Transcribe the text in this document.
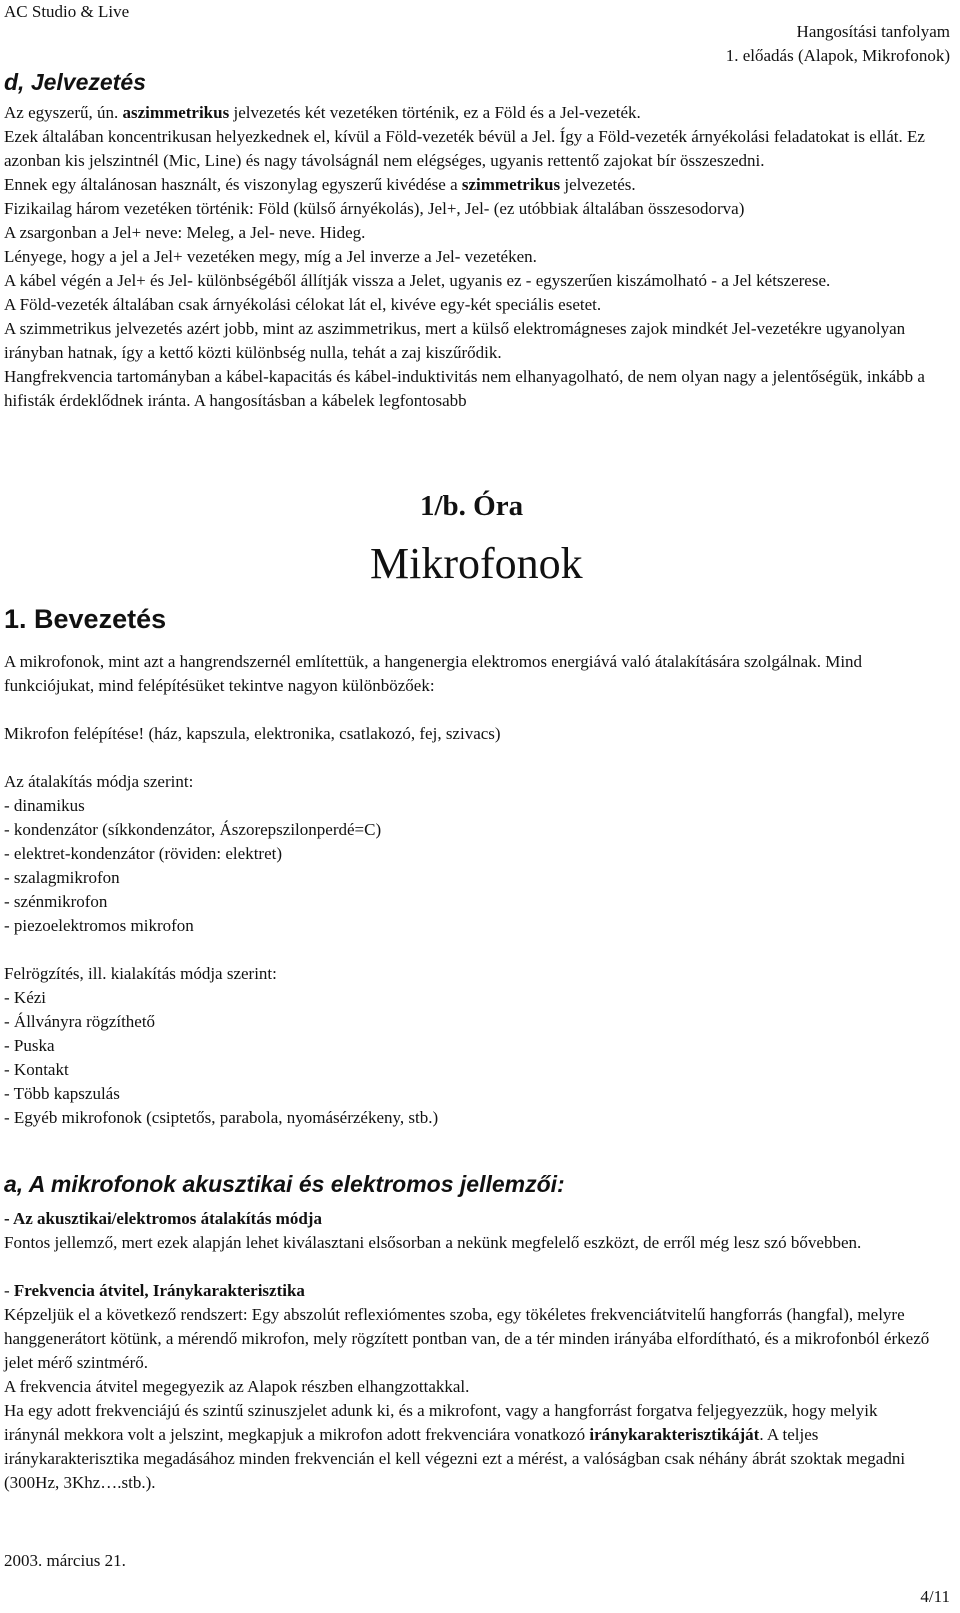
AC Studio & Live
Hangosítási tanfolyam
1. előadás (Alapok, Mikrofonok)
d, Jelvezetés

Az egyszerű, ún. aszimmetrikus jelvezetés két vezetéken történik, ez a Föld és a Jel-vezeték.

Ezek általában koncentrikusan helyezkednek el, kívül a Föld-vezeték bévül a Jel. Így a Föld-vezeték árnyékolási feladatokat is ellát. Ez azonban kis jelszintnél (Mic, Line) és nagy távolságnál nem elégséges, ugyanis rettentő zajokat bír összeszedni.

Ennek egy általánosan használt, és viszonylag egyszerű kivédése a szimmetrikus jelvezetés.

Fizikailag három vezetéken történik: Föld (külső árnyékolás), Jel+, Jel- (ez utóbbiak általában összesodorva)

A zsargonban a Jel+ neve: Meleg, a Jel- neve. Hideg.

Lényege, hogy a jel a Jel+ vezetéken megy, míg a Jel inverze a Jel- vezetéken.

A kábel végén a Jel+ és Jel- különbségéből állítják vissza a Jelet, ugyanis ez - egyszerűen kiszámolható - a Jel kétszerese.

A Föld-vezeték általában csak árnyékolási célokat lát el, kivéve egy-két speciális esetet.

A szimmetrikus jelvezetés azért jobb, mint az aszimmetrikus, mert a külső elektromágneses zajok mindkét Jel-vezetékre ugyanolyan irányban hatnak, így a kettő közti különbség nulla, tehát a zaj kiszűrődik.

Hangfrekvencia tartományban a kábel-kapacitás és kábel-induktivitás nem elhanyagolható, de nem olyan nagy a jelentőségük, inkább a hifisták érdeklődnek iránta. A hangosításban a kábelek legfontosabb

1/b. Óra
Mikrofonok
1. Bevezetés

A mikrofonok, mint azt a hangrendszernél említettük, a hangenergia elektromos energiává való átalakítására szolgálnak. Mind funkciójukat, mind felépítésüket tekintve nagyon különbözőek:

Mikrofon felépítése! (ház, kapszula, elektronika, csatlakozó, fej, szivacs)

Az átalakítás módja szerint:

- dinamikus

- kondenzátor (síkkondenzátor, Ászorepszilonperdé=C)

- elektret-kondenzátor (röviden: elektret)

- szalagmikrofon

- szénmikrofon

- piezoelektromos mikrofon

Felrögzítés, ill. kialakítás módja szerint:

- Kézi

- Állványra rögzíthető

- Puska

- Kontakt

- Több kapszulás

- Egyéb mikrofonok (csiptetős, parabola, nyomásérzékeny, stb.)

a, A mikrofonok akusztikai és elektromos jellemzői:

- Az akusztikai/elektromos átalakítás módja

Fontos jellemző, mert ezek alapján lehet kiválasztani elsősorban a nekünk megfelelő eszközt, de erről még lesz szó bővebben.

- Frekvencia átvitel, Iránykarakterisztika

Képzeljük el a következő rendszert: Egy abszolút reflexiómentes szoba, egy tökéletes frekvenciátvitelű hangforrás (hangfal), melyre hanggenerátort kötünk, a mérendő mikrofon, mely rögzített pontban van, de a tér minden irányába elfordítható, és a mikrofonból érkező jelet mérő szintmérő.

A frekvencia átvitel megegyezik az Alapok részben elhangzottakkal.

Ha egy adott frekvenciájú és szintű szinuszjelet adunk ki, és a mikrofont, vagy a hangforrást forgatva feljegyezzük, hogy melyik iránynál mekkora volt a jelszint, megkapjuk a mikrofon adott frekvenciára vonatkozó iránykarakterisztikáját. A teljes iránykarakterisztika megadásához minden frekvencián el kell végezni ezt a mérést, a valóságban csak néhány ábrát szoktak megadni (300Hz, 3Khz….stb.).

2003. március 21.
4/11
